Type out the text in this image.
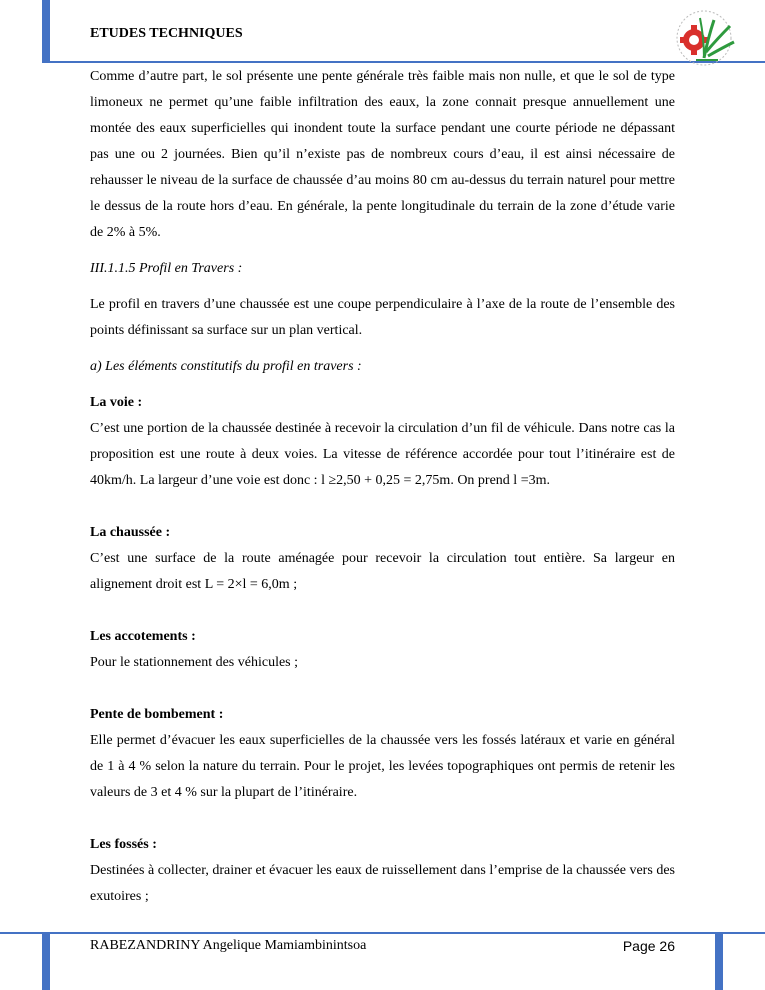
ETUDES TECHNIQUES

Comme d’autre part, le sol présente une pente générale très faible mais non nulle, et que le sol de type limoneux ne permet qu’une faible infiltration des eaux, la zone connait presque annuellement une montée des eaux superficielles qui inondent toute la surface pendant une courte période ne dépassant pas une ou 2 journées. Bien qu’il n’existe pas de nombreux cours d’eau, il est ainsi nécessaire de rehausser le niveau de la surface de chaussée d’au moins 80 cm au-dessus du terrain naturel pour mettre le dessus de la route hors d’eau. En générale, la pente longitudinale du terrain de la zone d’étude varie de 2% à 5%.

III.1.1.5 Profil en Travers :

Le profil en travers d’une chaussée est une coupe perpendiculaire à l’axe de la route de l’ensemble des points définissant sa surface sur un plan vertical.

a) Les éléments constitutifs du profil en travers :

La voie :

C’est une portion de la chaussée destinée à recevoir la circulation d’un fil de véhicule. Dans notre cas la proposition est une route à deux voies. La vitesse de référence accordée pour tout l’itinéraire est de 40km/h. La largeur d’une voie est donc : l ≥2,50 + 0,25 = 2,75m. On prend l =3m.

La chaussée :

C’est une surface de la route aménagée pour recevoir la circulation tout entière. Sa largeur en alignement droit est L = 2×l = 6,0m ;

Les accotements :

Pour le stationnement des véhicules ;

Pente de bombement :

Elle permet d’évacuer les eaux superficielles de la chaussée vers les fossés latéraux et varie en général de 1 à 4 % selon la nature du terrain. Pour le projet, les levées topographiques ont permis de retenir les valeurs de 3 et 4 % sur la plupart de l’itinéraire.

Les fossés :

Destinées à collecter, drainer et évacuer les eaux de ruissellement dans l’emprise de la chaussée vers des exutoires ;

RABEZANDRINY Angelique Mamiambinintsoa	Page 26
